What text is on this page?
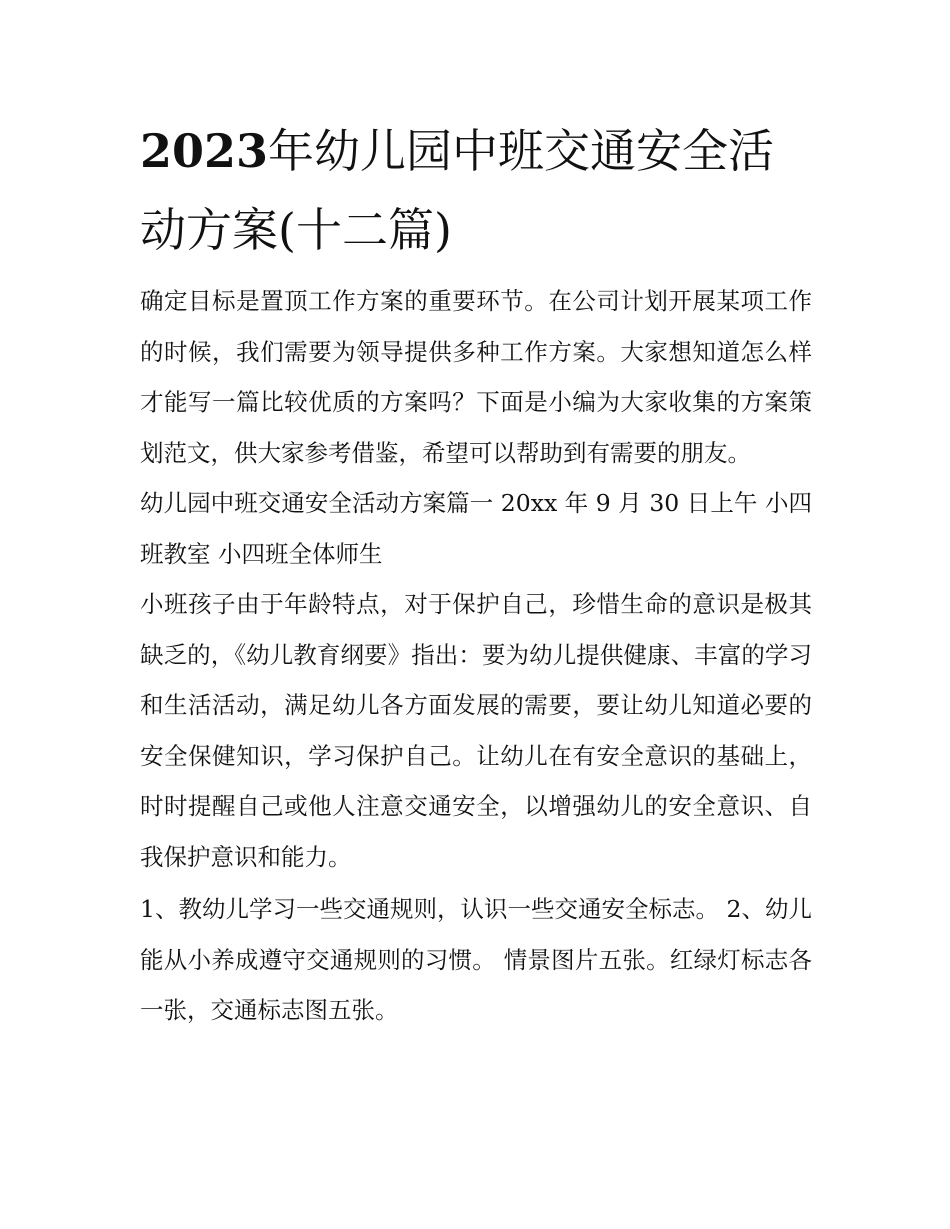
2023年幼儿园中班交通安全活动方案(十二篇)

确定目标是置顶工作方案的重要环节。在公司计划开展某项工作的时候，我们需要为领导提供多种工作方案。大家想知道怎么样才能写一篇比较优质的方案吗？下面是小编为大家收集的方案策划范文，供大家参考借鉴，希望可以帮助到有需要的朋友。

幼儿园中班交通安全活动方案篇一 20xx 年 9 月 30 日上午 小四班教室 小四班全体师生

小班孩子由于年龄特点，对于保护自己，珍惜生命的意识是极其缺乏的，《幼儿教育纲要》指出：要为幼儿提供健康、丰富的学习和生活活动，满足幼儿各方面发展的需要，要让幼儿知道必要的安全保健知识，学习保护自己。让幼儿在有安全意识的基础上，时时提醒自己或他人注意交通安全，以增强幼儿的安全意识、自我保护意识和能力。

1、教幼儿学习一些交通规则，认识一些交通安全标志。 2、幼儿能从小养成遵守交通规则的习惯。 情景图片五张。红绿灯标志各一张，交通标志图五张。
